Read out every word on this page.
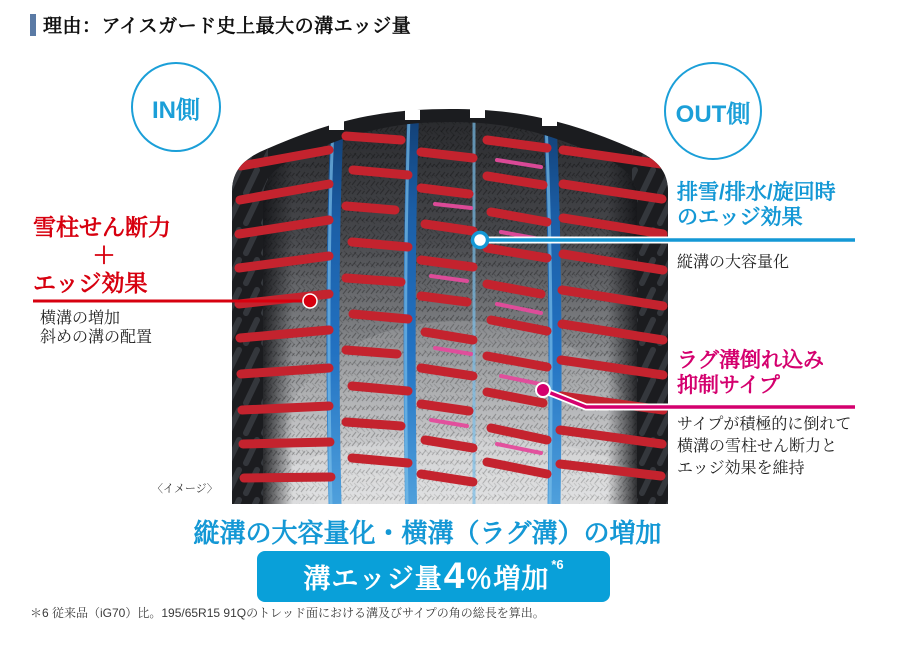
理由：アイスガード史上最大の溝エッジ量
IN側	OUT側
雪柱せん断力
＋
エッジ効果
横溝の増加
斜めの溝の配置
排雪/排水/旋回時
のエッジ効果
縦溝の大容量化
ラグ溝倒れ込み
抑制サイプ
サイプが積極的に倒れて
横溝の雪柱せん断力と
エッジ効果を維持
〈イメージ〉
縦溝の大容量化・横溝（ラグ溝）の増加
溝エッジ量 4 ％増加 *6
＊6 従来品（iG70）比。195/65R15 91Qのトレッド面における溝及びサイプの角の総長を算出。
